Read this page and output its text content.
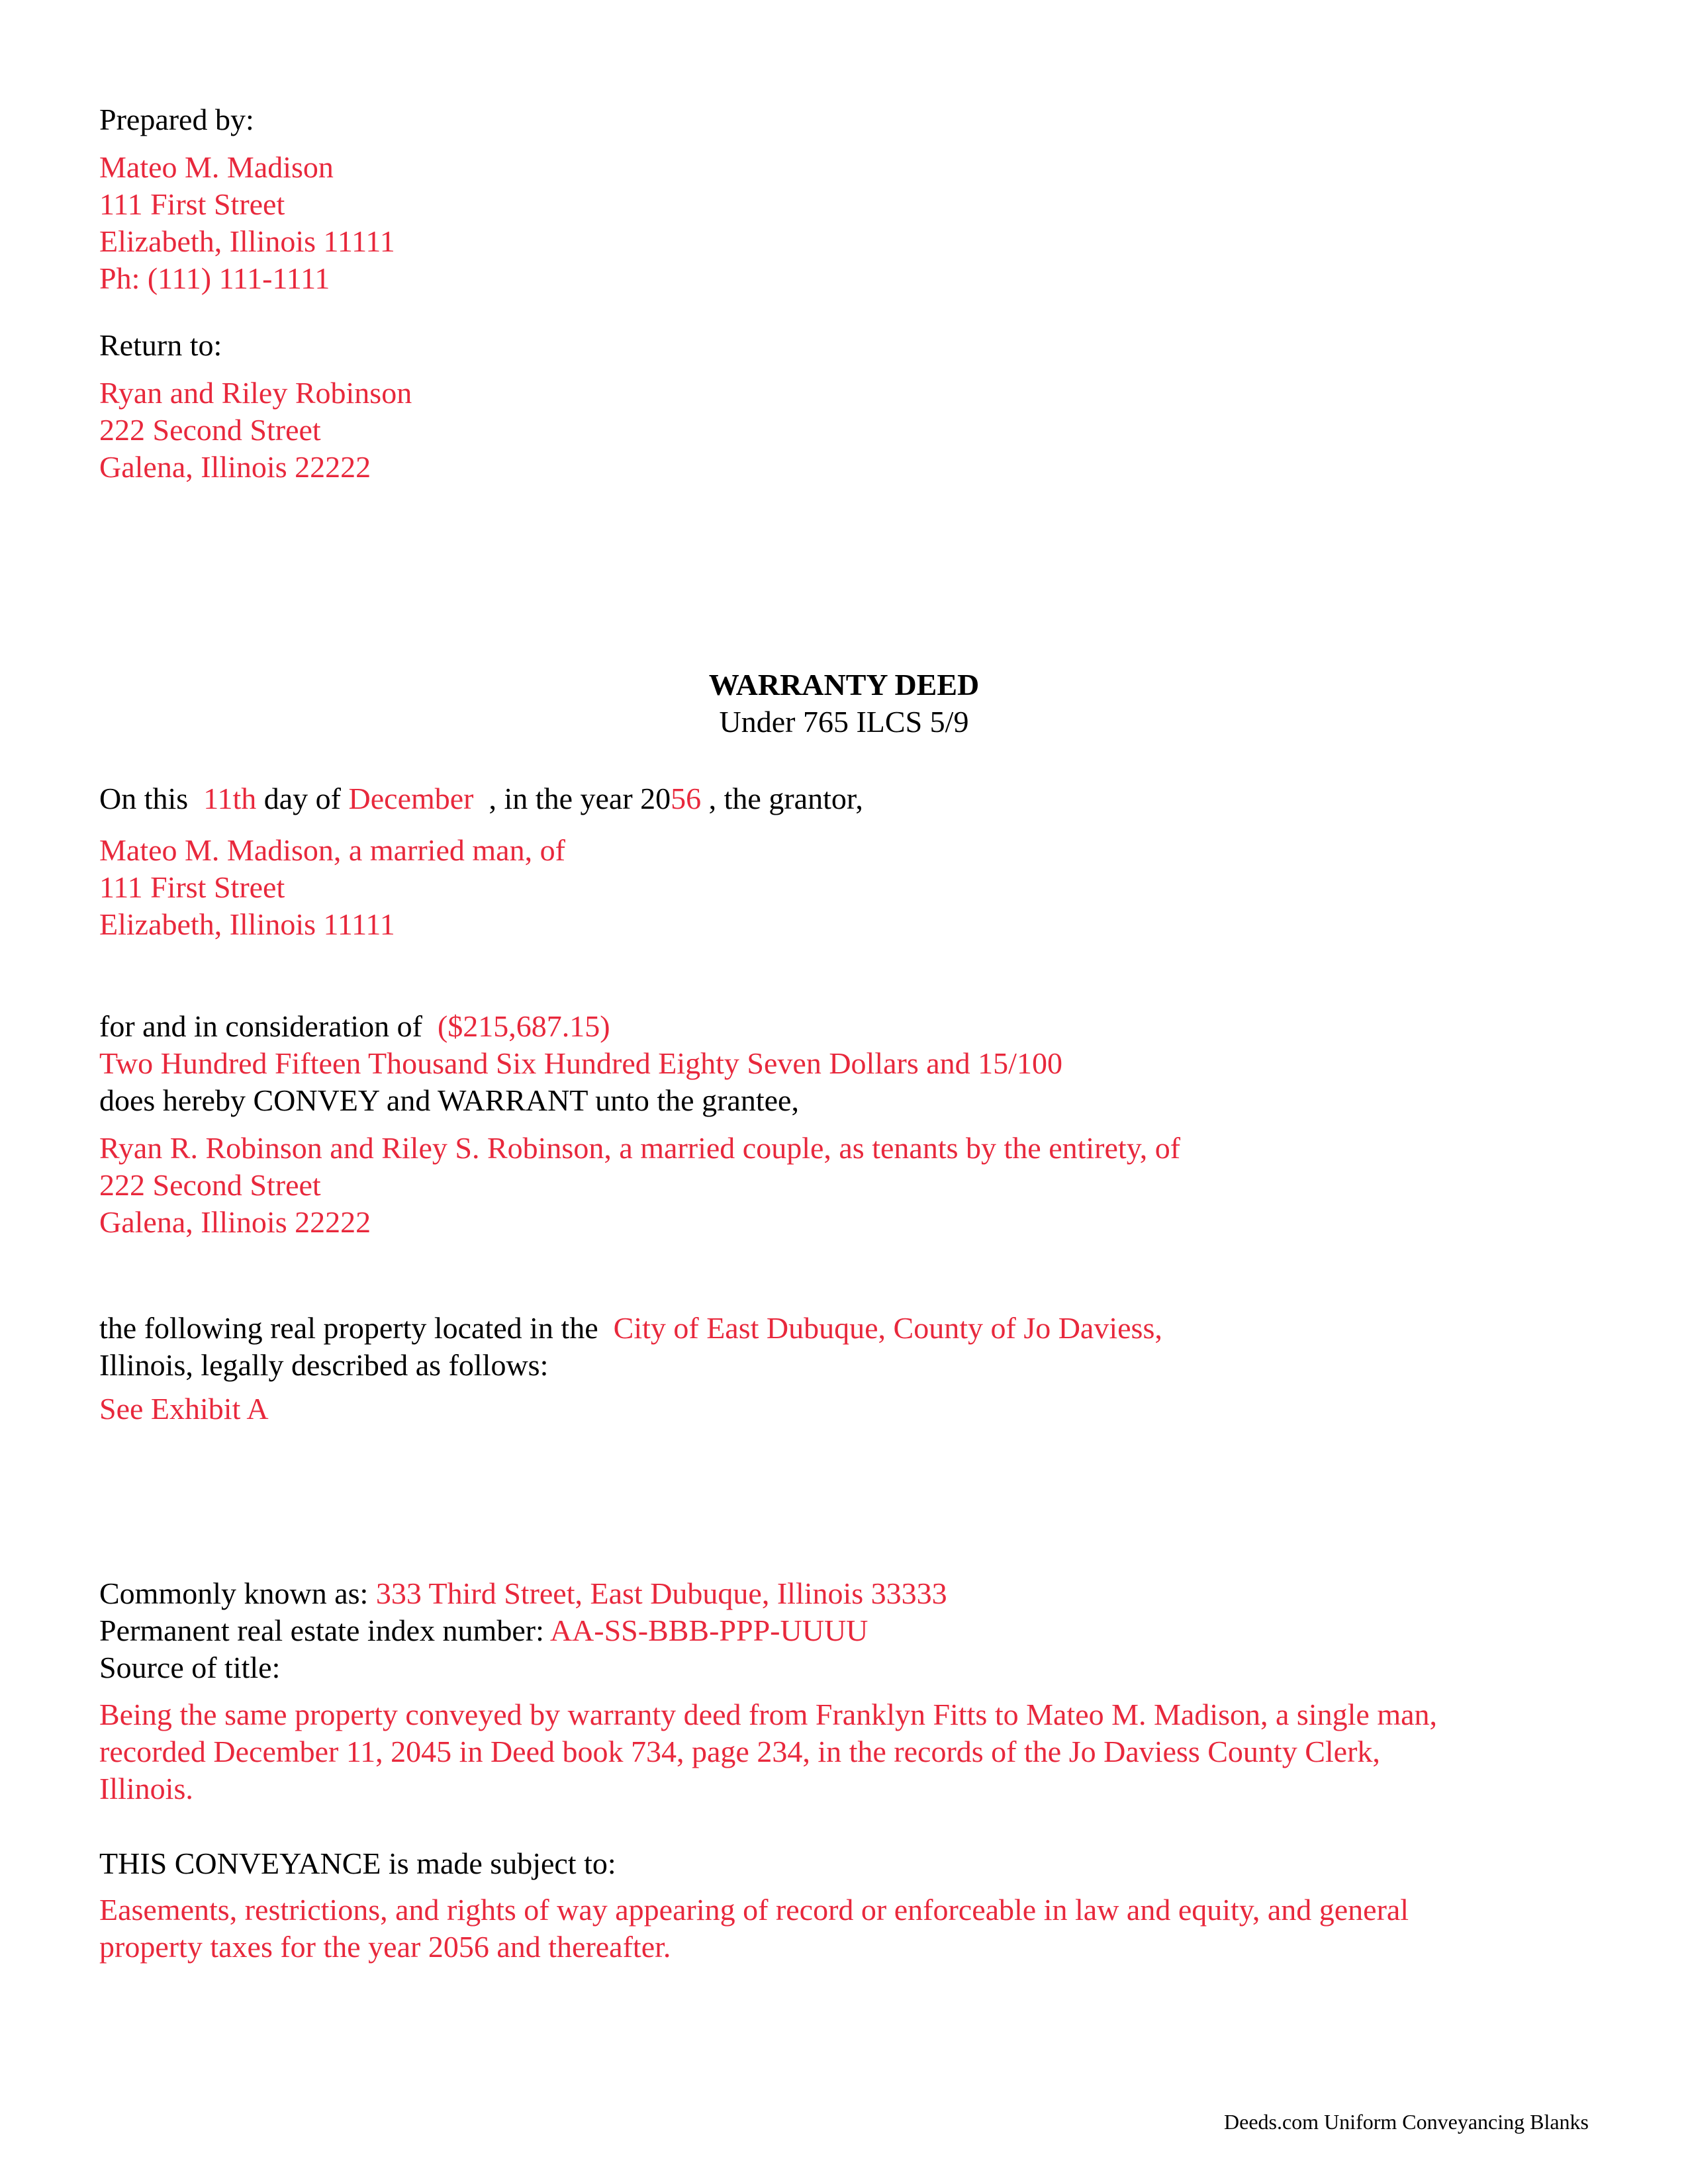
Prepared by:
Mateo M. Madison
111 First Street
Elizabeth, Illinois 11111
Ph: (111) 111-1111
Return to:
Ryan and Riley Robinson
222 Second Street
Galena, Illinois 22222
WARRANTY DEED
Under 765 ILCS 5/9
On this 11th day of December , in the year 2056 , the grantor,
Mateo M. Madison, a married man, of
111 First Street
Elizabeth, Illinois 11111
for and in consideration of ($215,687.15)
Two Hundred Fifteen Thousand Six Hundred Eighty Seven Dollars and 15/100
does hereby CONVEY and WARRANT unto the grantee,
Ryan R. Robinson and Riley S. Robinson, a married couple, as tenants by the entirety, of
222 Second Street
Galena, Illinois 22222
the following real property located in the City of East Dubuque, County of Jo Daviess,
Illinois, legally described as follows:
See Exhibit A
Commonly known as: 333 Third Street, East Dubuque, Illinois 33333
Permanent real estate index number: AA-SS-BBB-PPP-UUUU
Source of title:
Being the same property conveyed by warranty deed from Franklyn Fitts to Mateo M. Madison, a single man,
recorded December 11, 2045 in Deed book 734, page 234, in the records of the Jo Daviess County Clerk,
Illinois.
THIS CONVEYANCE is made subject to:
Easements, restrictions, and rights of way appearing of record or enforceable in law and equity, and general
property taxes for the year 2056 and thereafter.
Deeds.com Uniform Conveyancing Blanks
